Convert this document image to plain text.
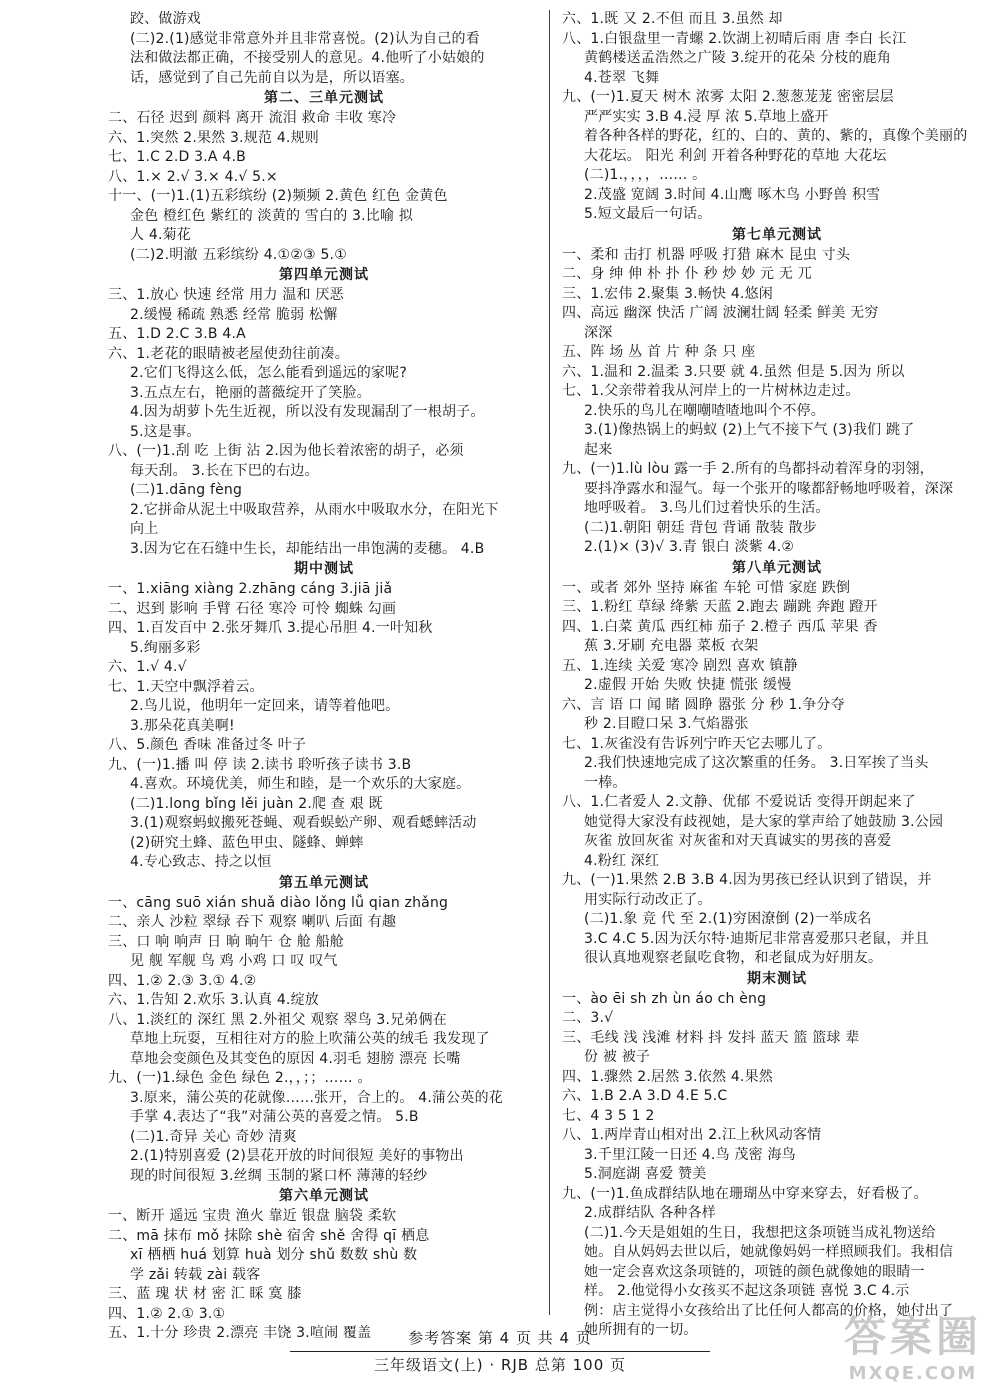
跤、做游戏
(二)2.(1)感觉非常意外并且非常喜悦。(2)认为自己的看
法和做法都正确，不接受别人的意见。4.他听了小姑娘的
话，感觉到了自己先前自以为是，所以语塞。
第二、三单元测试
二、石径 迟到 颜料 离开 流泪 救命 丰收 寒冷
六、1.突然 2.果然 3.规范 4.规则
七、1.C 2.D 3.A 4.B
八、1.× 2.√ 3.× 4.√ 5.×
十一、(一)1.(1)五彩缤纷 (2)频频 2.黄色 红色 金黄色
金色 橙红色 紫红的 淡黄的 雪白的 3.比喻 拟
人 4.菊花
(二)2.明澈 五彩缤纷 4.①②③ 5.①
第四单元测试
三、1.放心 快速 经常 用力 温和 厌恶
2.缓慢 稀疏 熟悉 经常 脆弱 松懈
五、1.D 2.C 3.B 4.A
六、1.老花的眼睛被老屋使劲往前凑。
2.它们飞得这么低，怎么能看到遥远的家呢?
3.五点左右，艳丽的蔷薇绽开了笑脸。
4.因为胡萝卜先生近视，所以没有发现漏刮了一根胡子。
5.这是事。
八、(一)1.刮 吃 上街 沾 2.因为他长着浓密的胡子，必须
每天刮。 3.长在下巴的右边。
(二)1.dāng fèng
2.它拼命从泥土中吸取营养，从雨水中吸取水分，在阳光下
向上
3.因为它在石缝中生长，却能结出一串饱满的麦穗。 4.B
期中测试
一、1.xiāng xiàng 2.zhāng cáng 3.jiā jiǎ
二、迟到 影响 手臂 石径 寒冷 可怜 蜘蛛 勾画
四、1.百发百中 2.张牙舞爪 3.提心吊胆 4.一叶知秋
5.绚丽多彩
六、1.√ 4.√
七、1.天空中飘浮着云。
2.鸟儿说，他明年一定回来，请等着他吧。
3.那朵花真美啊!
八、5.颜色 香味 准备过冬 叶子
九、(一)1.播 叫 停 读 2.读书 聆听孩子读书 3.B
4.喜欢。环境优美，师生和睦，是一个欢乐的大家庭。
(二)1.long bǐng lěi juàn 2.爬 查 艰 既
3.(1)观察蚂蚁搬死苍蝇、观看蜈蚣产卵、观看蟋蟀活动
(2)研究土蜂、蓝色甲虫、隧蜂、蝉蟀
4.专心致志、持之以恒
第五单元测试
一、cāng suō xián shuǎ diào lǒng lǚ qian zhǎng
二、亲人 沙粒 翠绿 吞下 观察 喇叭 后面 有趣
三、口 响 响声 日 晌 晌午 仓 舱 船舱
见 舰 军舰 鸟 鸡 小鸡 口 叹 叹气
四、1.② 2.③ 3.① 4.②
六、1.告知 2.欢乐 3.认真 4.绽放
八、1.淡红的 深红 黑 2.外祖父 观察 翠鸟 3.兄弟俩在
草地上玩耍，互相往对方的脸上吹蒲公英的绒毛 我发现了
草地会变颜色及其变色的原因 4.羽毛 翅膀 漂亮 长嘴
九、(一)1.绿色 金色 绿色 2.，，；；…… 。
3.原来，蒲公英的花就像……张开，合上的。 4.蒲公英的花
手掌 4.表达了“我”对蒲公英的喜爱之情。 5.B
(二)1.奇异 关心 奇妙 清爽
2.(1)特别喜爱 (2)昙花开放的时间很短 美好的事物出
现的时间很短 3.丝绸 玉制的紧口杯 薄薄的轻纱
第六单元测试
一、断开 遥远 宝贵 渔火 靠近 银盘 脑袋 柔软
二、mā 抹布 mǒ 抹除 shè 宿舍 shě 舍得 qī 栖息
xī 栖栖 huá 划算 huà 划分 shǔ 数数 shù 数
学 zǎi 转载 zài 载客
三、蓝 瑰 状 材 密 汇 睬 寞 膝
四、1.② 2.① 3.①
五、1.十分 珍贵 2.漂亮 丰饶 3.喧闹 覆盖
六、1.既 又 2.不但 而且 3.虽然 却
八、1.白银盘里一青螺 2.饮湖上初晴后雨 唐 李白 长江
黄鹤楼送孟浩然之广陵 3.绽开的花朵 分枝的鹿角
4.苍翠 飞舞
九、(一)1.夏天 树木 浓雾 太阳 2.葱葱茏茏 密密层层
严严实实 3.B 4.浸 厚 浓 5.草地上盛开
着各种各样的野花，红的、白的、黄的、紫的，真像个美丽的
大花坛。 阳光 利剑 开着各种野花的草地 大花坛
(二)1.，，，，…… 。
2.茂盛 宽阔 3.时间 4.山鹰 啄木鸟 小野兽 积雪
5.短文最后一句话。
第七单元测试
一、柔和 击打 机器 呼吸 打猎 麻木 昆虫 寸头
二、身 绅 伸 朴 扑 仆 秒 炒 妙 元 无 兀
三、1.宏伟 2.聚集 3.畅快 4.悠闲
四、高远 幽深 快活 广阔 波澜壮阔 轻柔 鲜美 无穷
深深
五、阵 场 丛 首 片 种 条 只 座
六、1.温和 2.温柔 3.只要 就 4.虽然 但是 5.因为 所以
七、1.父亲带着我从河岸上的一片树林边走过。
2.快乐的鸟儿在嘲嘲喳喳地叫个不停。
3.(1)像热锅上的蚂蚁 (2)上气不接下气 (3)我们 跳了
起来
九、(一)1.lù lòu 露一手 2.所有的鸟都抖动着浑身的羽翎，
要抖净露水和湿气。每一个张开的喙都舒畅地呼吸着，深深
地呼吸着。 3.鸟儿们过着快乐的生活。
(二)1.朝阳 朝廷 背包 背诵 散装 散步
2.(1)× (3)√ 3.青 银白 淡紫 4.②
第八单元测试
一、或者 郊外 坚持 麻雀 车轮 可惜 家庭 跌倒
三、1.粉红 草绿 绛紫 天蓝 2.跑去 蹦跳 奔跑 蹬开
四、1.白菜 黄瓜 西红柿 茄子 2.橙子 西瓜 苹果 香
蕉 3.牙刷 充电器 菜板 衣架
五、1.连续 关爱 寒冷 剧烈 喜欢 镇静
2.虚假 开始 失败 快捷 慌张 缓慢
六、言 语 口 闻 睹 圆睁 嚣张 分 秒 1.争分夺
秒 2.目瞪口呆 3.气焰嚣张
七、1.灰雀没有告诉列宁昨天它去哪儿了。
2.我们快速地完成了这次繁重的任务。 3.日军挨了当头
一棒。
八、1.仁者爱人 2.文静、优郁 不爱说话 变得开朗起来了
她觉得大家没有歧视她，是大家的掌声给了她鼓励 3.公园
灰雀 放回灰雀 对灰雀和对天真诚实的男孩的喜爱
4.粉红 深红
九、(一)1.果然 2.B 3.B 4.因为男孩已经认识到了错误，并
用实际行动改正了。
(二)1.象 竞 代 至 2.(1)穷困潦倒 (2)一举成名
3.C 4.C 5.因为沃尔特·迪斯尼非常喜爱那只老鼠，并且
很认真地观察老鼠吃食物，和老鼠成为好朋友。
期末测试
一、ào ēi sh zh ùn áo ch èng
二、3.√
三、毛线 浅 浅滩 材料 抖 发抖 蓝天 篮 篮球 辈
份 被 被子
四、1.骤然 2.居然 3.依然 4.果然
六、1.B 2.A 3.D 4.E 5.C
七、4 3 5 1 2
八、1.两岸青山相对出 2.江上秋风动客情
3.千里江陵一日还 4.鸟 茂密 海鸟
5.洞庭湖 喜爱 赞美
九、(一)1.鱼成群结队地在珊瑚丛中穿来穿去，好看极了。
2.成群结队 各种各样
(二)1.今天是姐姐的生日，我想把这条项链当成礼物送给
她。自从妈妈去世以后，她就像妈妈一样照顾我们。我相信
她一定会喜欢这条项链的，项链的颜色就像她的眼睛一
样。 2.他觉得小女孩买不起这条项链 喜悦 3.C 4.示
例：店主觉得小女孩给出了比任何人都高的价格，她付出了
她所拥有的一切。
参考答案 第 4 页 共 4 页
三年级语文(上) · RJB 总第 100 页
答案圈
MXQE.COM
